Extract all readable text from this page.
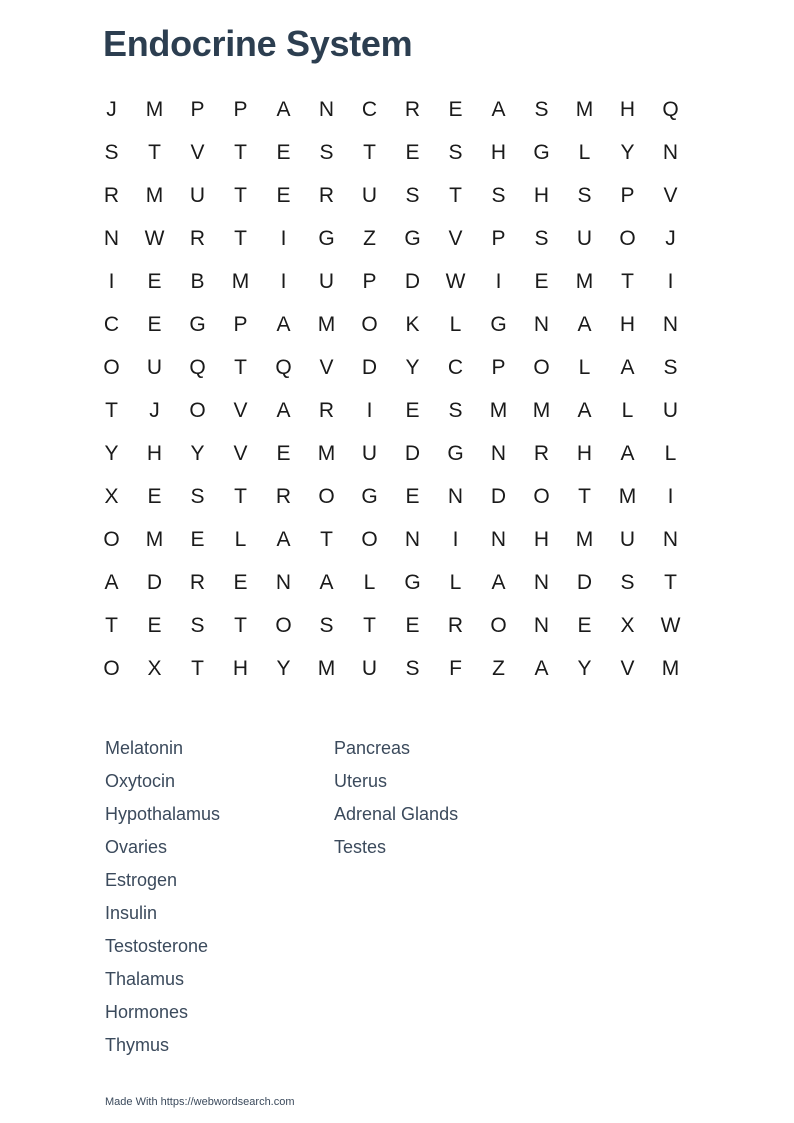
Endocrine System
J	M	P	P	A	N	C	R	E	A	S	M	H	Q
S	T	V	T	E	S	T	E	S	H	G	L	Y	N
R	M	U	T	E	R	U	S	T	S	H	S	P	V
N	W	R	T	I	G	Z	G	V	P	S	U	O	J
I	E	B	M	I	U	P	D	W	I	E	M	T	I
C	E	G	P	A	M	O	K	L	G	N	A	H	N
O	U	Q	T	Q	V	D	Y	C	P	O	L	A	S
T	J	O	V	A	R	I	E	S	M	M	A	L	U
Y	H	Y	V	E	M	U	D	G	N	R	H	A	L
X	E	S	T	R	O	G	E	N	D	O	T	M	I
O	M	E	L	A	T	O	N	I	N	H	M	U	N
A	D	R	E	N	A	L	G	L	A	N	D	S	T
T	E	S	T	O	S	T	E	R	O	N	E	X	W
O	X	T	H	Y	M	U	S	F	Z	A	Y	V	M
Melatonin
Oxytocin
Hypothalamus
Ovaries
Estrogen
Insulin
Testosterone
Thalamus
Hormones
Thymus
Pancreas
Uterus
Adrenal Glands
Testes
Made With https://webwordsearch.com
